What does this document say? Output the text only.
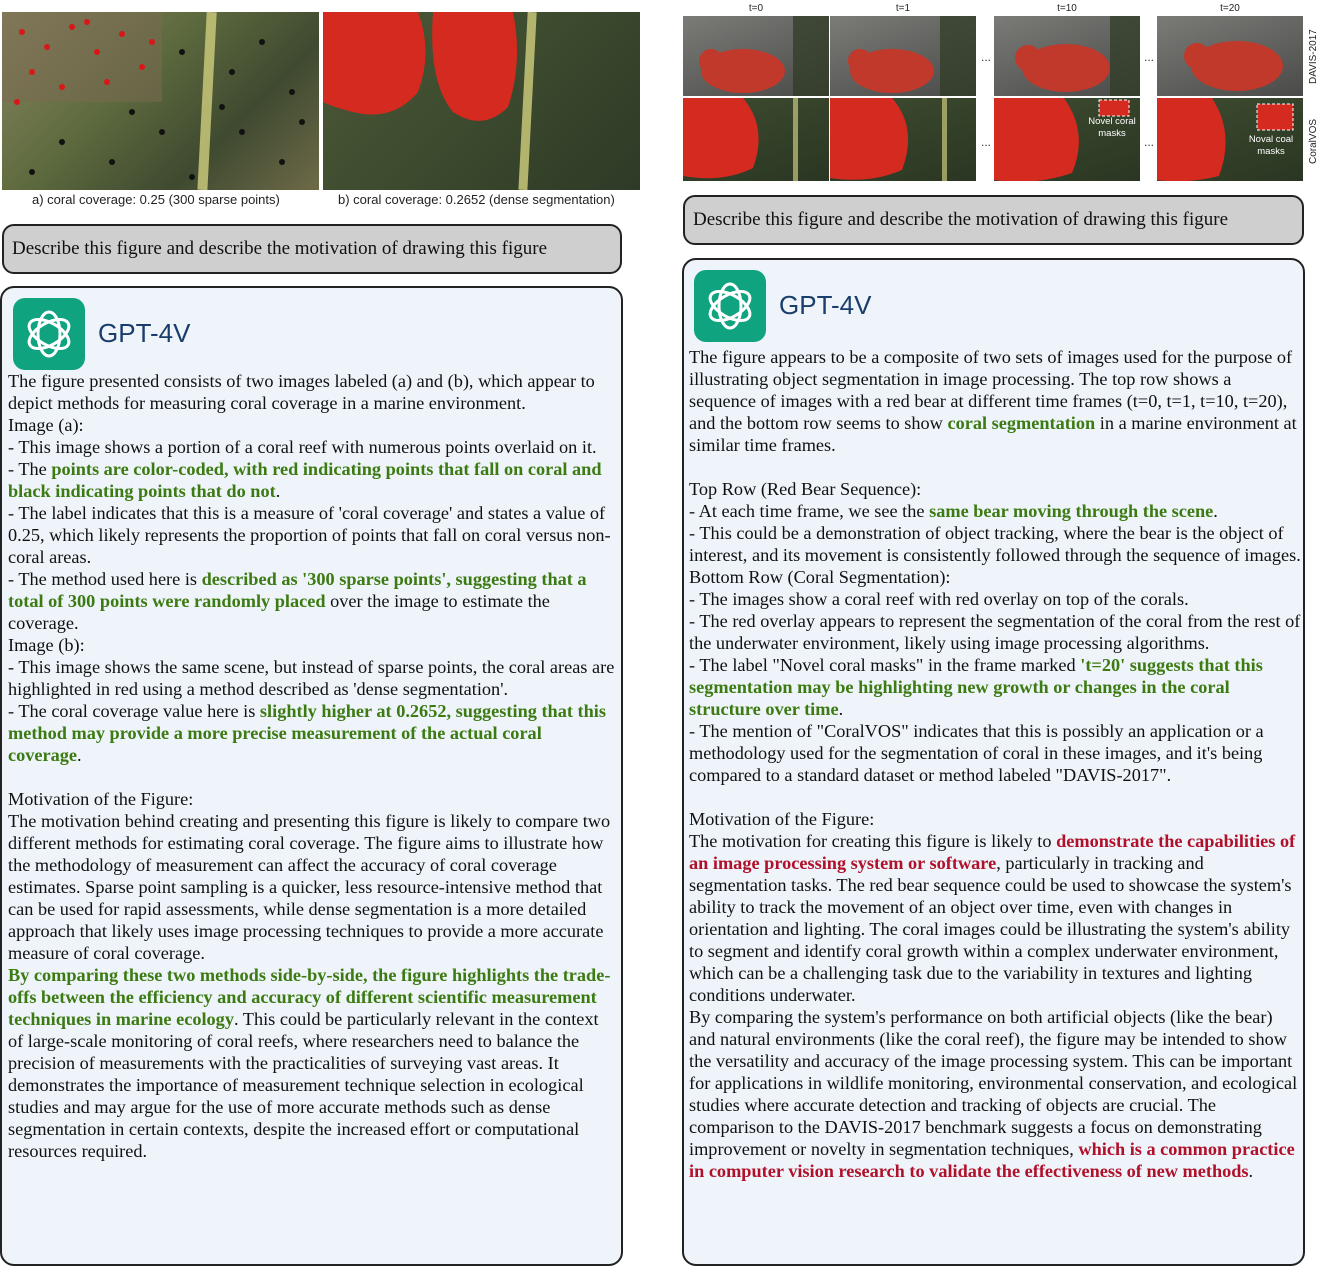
a) coral coverage: 0.25 (300 sparse points)	b) coral coverage: 0.2652 (dense segmentation)
Describe this figure and describe the motivation of drawing this figure
GPT-4V

The figure presented consists of two images labeled (a) and (b), which appear to depict methods for measuring coral coverage in a marine environment.

Image (a):

- This image shows a portion of a coral reef with numerous points overlaid on it.

- The points are color-coded, with red indicating points that fall on coral and black indicating points that do not.

- The label indicates that this is a measure of 'coral coverage' and states a value of 0.25, which likely represents the proportion of points that fall on coral versus non-coral areas.

- The method used here is described as '300 sparse points', suggesting that a total of 300 points were randomly placed over the image to estimate the coverage.

Image (b):

- This image shows the same scene, but instead of sparse points, the coral areas are highlighted in red using a method described as 'dense segmentation'.

- The coral coverage value here is slightly higher at 0.2652, suggesting that this method may provide a more precise measurement of the actual coral coverage.

Motivation of the Figure:

The motivation behind creating and presenting this figure is likely to compare two different methods for estimating coral coverage. The figure aims to illustrate how the methodology of measurement can affect the accuracy of coral coverage estimates. Sparse point sampling is a quicker, less resource-intensive method that can be used for rapid assessments, while dense segmentation is a more detailed approach that likely uses image processing techniques to provide a more accurate measure of coral coverage.

By comparing these two methods side-by-side, the figure highlights the trade-offs between the efficiency and accuracy of different scientific measurement techniques in marine ecology. This could be particularly relevant in the context of large-scale monitoring of coral reefs, where researchers need to balance the precision of measurements with the practicalities of surveying vast areas. It demonstrates the importance of measurement technique selection in ecological studies and may argue for the use of more accurate methods such as dense segmentation in certain contexts, despite the increased effort or computational resources required.

t=0	t=1	t=10	t=20
...	...
...
Novel coral masks
...	Noval coal masks
DAVIS-2017
CoralVOS
Describe this figure and describe the motivation of drawing this figure
GPT-4V

The figure appears to be a composite of two sets of images used for the purpose of illustrating object segmentation in image processing. The top row shows a sequence of images with a red bear at different time frames (t=0, t=1, t=10, t=20), and the bottom row seems to show coral segmentation in a marine environment at similar time frames.

Top Row (Red Bear Sequence):

- At each time frame, we see the same bear moving through the scene.

- This could be a demonstration of object tracking, where the bear is the object of interest, and its movement is consistently followed through the sequence of images.

Bottom Row (Coral Segmentation):

- The images show a coral reef with red overlay on top of the corals.

- The red overlay appears to represent the segmentation of the coral from the rest of the underwater environment, likely using image processing algorithms.

- The label "Novel coral masks" in the frame marked 't=20' suggests that this segmentation may be highlighting new growth or changes in the coral structure over time.

- The mention of "CoralVOS" indicates that this is possibly an application or a methodology used for the segmentation of coral in these images, and it's being compared to a standard dataset or method labeled "DAVIS-2017".

Motivation of the Figure:

The motivation for creating this figure is likely to demonstrate the capabilities of an image processing system or software, particularly in tracking and segmentation tasks. The red bear sequence could be used to showcase the system's ability to track the movement of an object over time, even with changes in orientation and lighting. The coral images could be illustrating the system's ability to segment and identify coral growth within a complex underwater environment, which can be a challenging task due to the variability in textures and lighting conditions underwater.

By comparing the system's performance on both artificial objects (like the bear) and natural environments (like the coral reef), the figure may be intended to show the versatility and accuracy of the image processing system. This can be important for applications in wildlife monitoring, environmental conservation, and ecological studies where accurate detection and tracking of objects are crucial. The comparison to the DAVIS-2017 benchmark suggests a focus on demonstrating improvement or novelty in segmentation techniques, which is a common practice in computer vision research to validate the effectiveness of new methods.
